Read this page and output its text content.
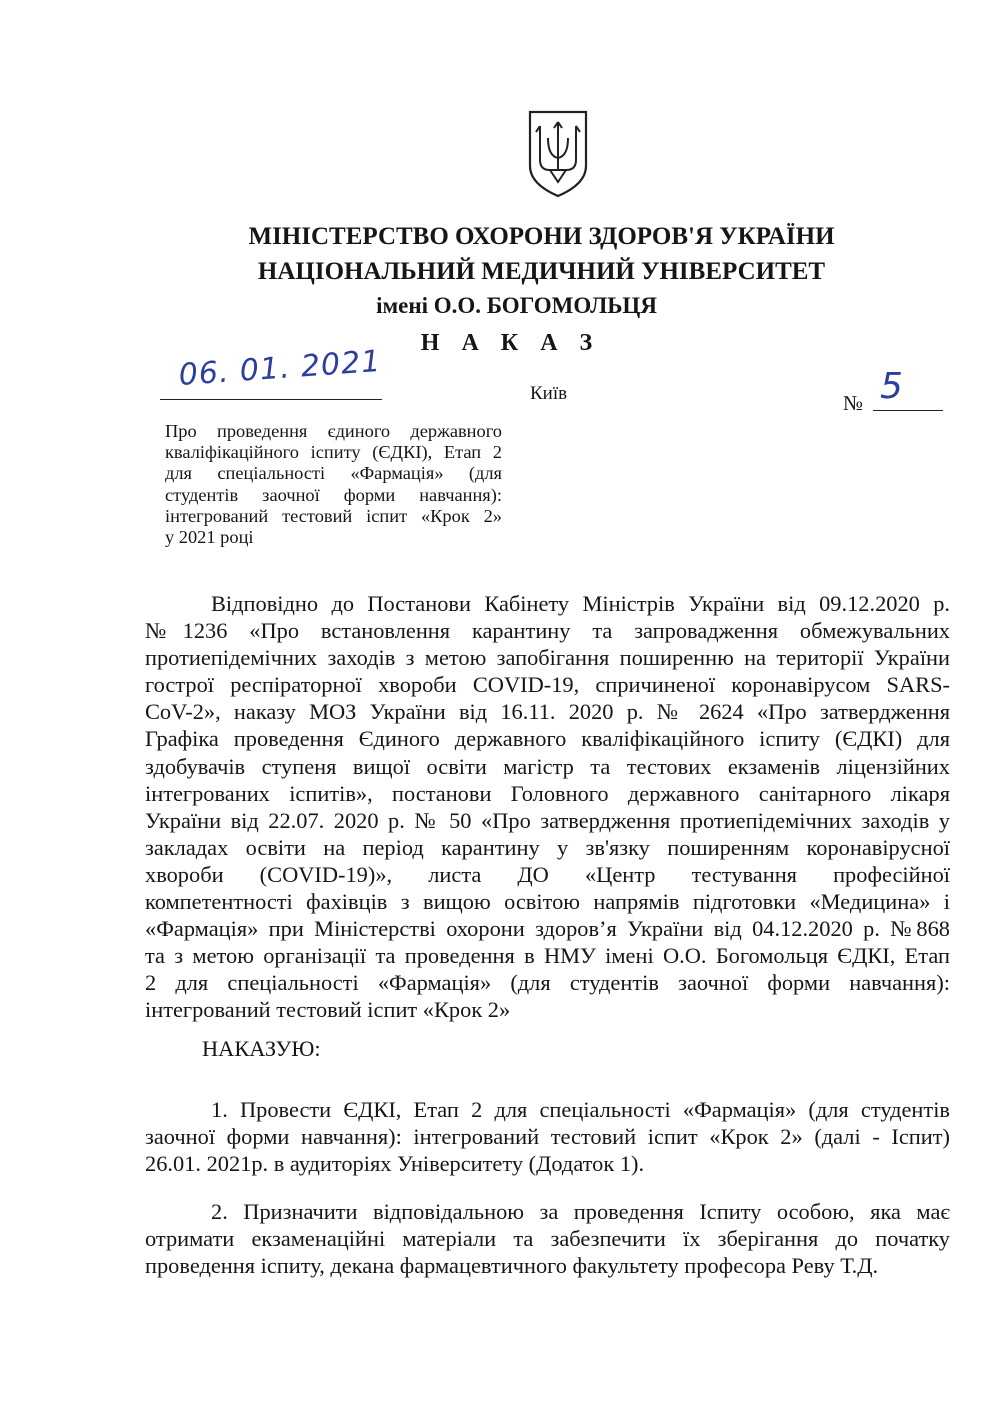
МІНІСТЕРСТВО ОХОРОНИ ЗДОРОВ'Я УКРАЇНИ
НАЦІОНАЛЬНИЙ МЕДИЧНИЙ УНІВЕРСИТЕТ
імені О.О. БОГОМОЛЬЦЯ
Н А К А З
06. 01. 2021
Київ	№ 5
Про проведення єдиного державного
кваліфікаційного іспиту (ЄДКІ), Етап 2
для спеціальності «Фармація» (для
студентів заочної форми навчання):
інтегрований тестовий іспит «Крок 2»
у 2021 році
Відповідно до Постанови Кабінету Міністрів України від 09.12.2020 р.
№1236 «Про встановлення карантину та запровадження обмежувальних
протиепідемічних заходів з метою запобігання поширенню на території України
гострої респіраторної хвороби COVID-19, спричиненої коронавірусом SARS-
CoV-2», наказу МОЗ України від 16.11. 2020 р. № 2624 «Про затвердження
Графіка проведення Єдиного державного кваліфікаційного іспиту (ЄДКІ) для
здобувачів ступеня вищої освіти магістр та тестових екзаменів ліцензійних
інтегрованих іспитів», постанови Головного державного санітарного лікаря
України від 22.07. 2020 р. № 50 «Про затвердження протиепідемічних заходів у
закладах освіти на період карантину у зв'язку поширенням коронавірусної
хвороби (COVID-19)», листа ДО «Центр тестування професійної
компетентності фахівців з вищою освітою напрямів підготовки «Медицина» і
«Фармація» при Міністерстві охорони здоров’я України від 04.12.2020 р. №868
та з метою організації та проведення в НМУ імені О.О. Богомольця ЄДКІ, Етап
2 для спеціальності «Фармація» (для студентів заочної форми навчання):
інтегрований тестовий іспит «Крок 2»
НАКАЗУЮ:
1. Провести ЄДКІ, Етап 2 для спеціальності «Фармація» (для студентів
заочної форми навчання): інтегрований тестовий іспит «Крок 2» (далі - Іспит)
26.01. 2021р. в аудиторіях Університету (Додаток 1).
2. Призначити відповідальною за проведення Іспиту особою, яка має
отримати екзаменаційні матеріали та забезпечити їх зберігання до початку
проведення іспиту, декана фармацевтичного факультету професора Реву Т.Д.
